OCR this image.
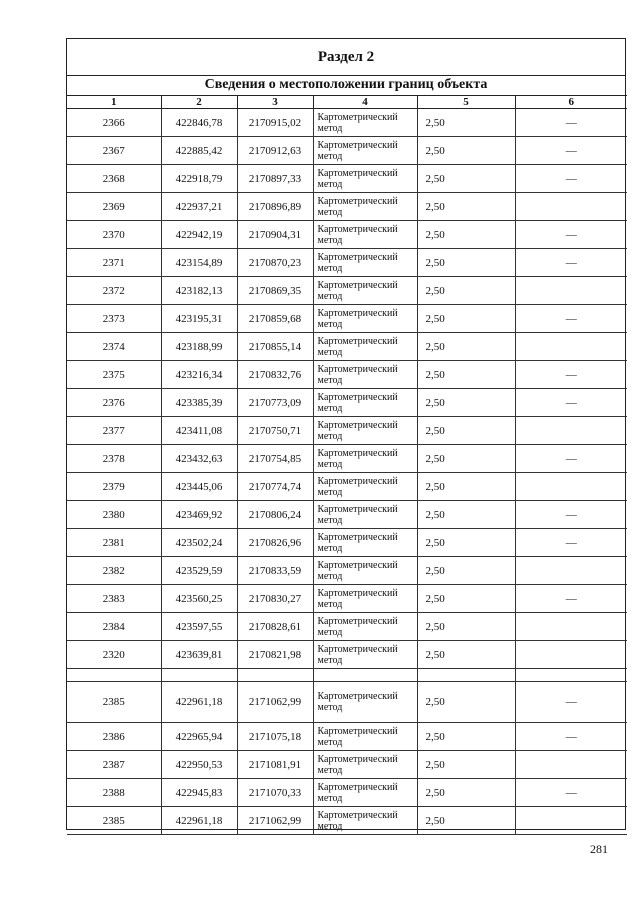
Раздел 2
Сведения о местоположении границ объекта
1	2	3	4	5	6
2366	422846,78	2170915,02	Картометрический метод	2,50	—
2367	422885,42	2170912,63	Картометрический метод	2,50	—
2368	422918,79	2170897,33	Картометрический метод	2,50	—
2369	422937,21	2170896,89	Картометрический метод	2,50	
2370	422942,19	2170904,31	Картометрический метод	2,50	—
2371	423154,89	2170870,23	Картометрический метод	2,50	—
2372	423182,13	2170869,35	Картометрический метод	2,50	
2373	423195,31	2170859,68	Картометрический метод	2,50	—
2374	423188,99	2170855,14	Картометрический метод	2,50	
2375	423216,34	2170832,76	Картометрический метод	2,50	—
2376	423385,39	2170773,09	Картометрический метод	2,50	—
2377	423411,08	2170750,71	Картометрический метод	2,50	
2378	423432,63	2170754,85	Картометрический метод	2,50	—
2379	423445,06	2170774,74	Картометрический метод	2,50	
2380	423469,92	2170806,24	Картометрический метод	2,50	—
2381	423502,24	2170826,96	Картометрический метод	2,50	—
2382	423529,59	2170833,59	Картометрический метод	2,50	
2383	423560,25	2170830,27	Картометрический метод	2,50	—
2384	423597,55	2170828,61	Картометрический метод	2,50	
2320	423639,81	2170821,98	Картометрический метод	2,50	

2385	422961,18	2171062,99	Картометрический метод	2,50	—
2386	422965,94	2171075,18	Картометрический метод	2,50	—
2387	422950,53	2171081,91	Картометрический метод	2,50	
2388	422945,83	2171070,33	Картометрический метод	2,50	—
2385	422961,18	2171062,99	Картометрический метод	2,50	
281
